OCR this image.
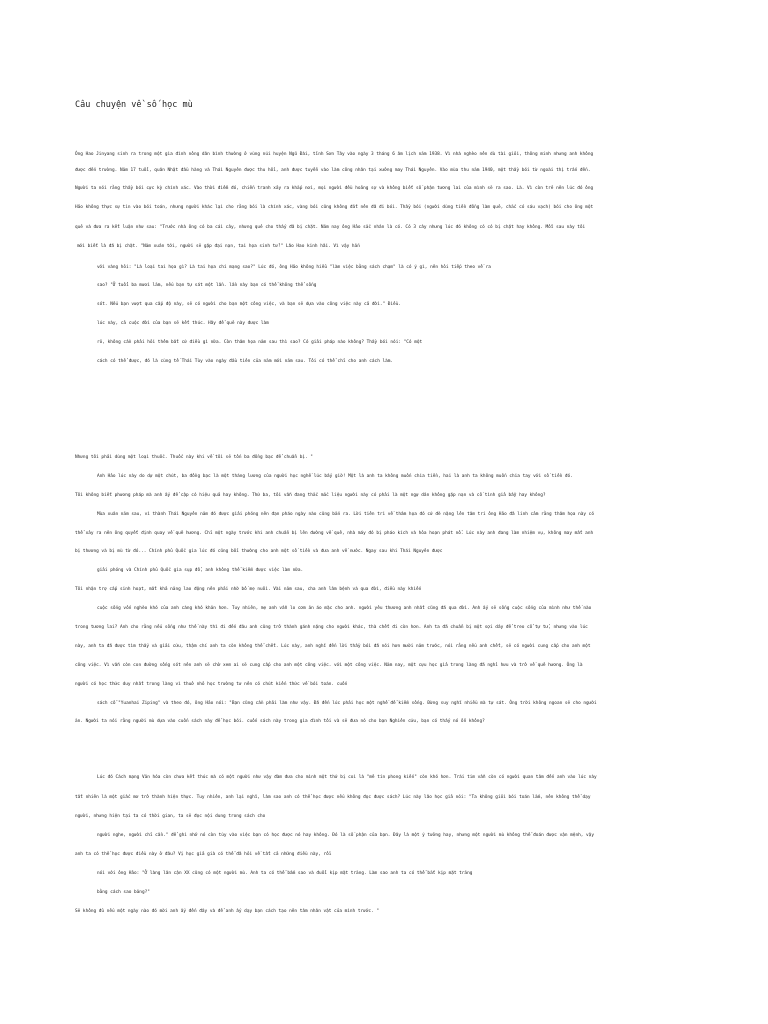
Câu chuyện về số học mù
Ông Hao Jinyang sinh ra trong một gia đình nông dân bình thường ở vùng núi huyện Ngũ Đài, tỉnh Sơn Tây vào ngày 3 tháng 6 âm lịch năm 1938. Vì nhà nghèo nên dù tài giỏi, thông minh nhưng anh không
được đến trường. Năm 17 tuổi, quân Nhật đầu hàng và Thái Nguyên được thu hồi, anh được tuyển vào làm công nhân tại xưởng may Thái Nguyên. Vào mùa thu năm 1940, một thầy bói từ ngoài thị trấn đến.
Người ta nói rằng thầy bói cực kỳ chính xác. Vào thời điểm đó, chiến tranh xảy ra khắp nơi, mọi người đều hoảng sợ và không biết số phận tương lai của mình sẽ ra sao. Là. Vì còn trẻ nên lúc đó ông
Hảo không thực sự tin vào bói toán, nhưng người khác lại cho rằng bói là chính xác, vàng bói cũng không đắt nên đã đi bói. Thầy bói (người dùng tiền đồng làm quẻ, chắc có sáu vạch) bói cho ông một
quẻ và đưa ra kết luận như sau: "Trước nhà ông có ba cái cây, nhưng quẻ cho thấy đã bị chặt. Năm nay ông Hảo sắc nhân là có. Có 3 cây nhưng lúc đó không có có bị chặt hay không. Mỗi sau này tôi
mới biết là đã bị chặt. "Năm xuân tới, người sẽ gặp đại nạn, tai họa sinh tử!" Lão Hao kinh hãi. Vì vậy hắn
với vàng hỏi: "Là loại tai họa gì? Là tai họa chí mạng sao?" Lúc đó, ông Hảo không hiểu "làm việc bằng sách chạm" là có ý gì, nên hỏi tiếp theo về ra
sao? "Ở tuổi ba mươi lăm, nếu bạn tự sát một lần. lần này bạn có thể không thể sống
sót. Nếu bạn vượt qua cấp độ này, sẽ có người cho bạn một công việc, và bạn sẽ dựa vào công việc này cả đời." Điều.
lúc này, cả cuộc đời của bạn sẽ kết thúc. Hãy để quẻ này được làm
rõ, không cần phải hỏi thêm bất cứ điều gì nữa. Còn thâm họa năm sau thì sao? Có giải pháp nào không? Thầy bói nói: "Có một
cách có thể được, đó là cùng tế Thái Tùy vào ngày đầu tiên của năm mới năm sau. Tôi có thể chỉ cho anh cách làm.
Nhưng tôi phải dùng một loại thuốc. Thuốc này khi về tôi sẽ tốn ba đồng bạc để chuẩn bị. "
Anh Hảo lúc này do dự một chút, ba đồng bạc là một tháng lương của người học nghề lúc bấy giờ! Một là anh ta không muốn chia tiền, hai là anh ta không muốn chia tay với số tiền đó.
Tôi không biết phương pháp mà anh ấy để cập có hiệu quả hay không. Thứ ba, tôi vẫn đang thắc mắc liệu người này có phải là một ngự dân không gặp nạn và cố tình giả bẫy hay không?
Mùa xuân năm sau, vì thành Thái Nguyên năm đó được giải phóng nên đạn pháo ngày nào cũng bắn ra. Lời tiên tri về thâm họa đó cứ đè nặng lên tâm trí ông Hảo đã linh cảm rằng thâm họa này có
thể xảy ra nên ông quyết định quay về quê hương. Chỉ một ngày trước khi anh chuẩn bị lên đường về quê, nhà máy đó bị pháo kích và hỏa hoạn phát nổ. Lúc này anh đang làm nhiệm vụ, không may mất anh
bị thương và bị mù từ đó... Chính phủ Quốc gia lúc đó cũng bối thường cho anh một số tiền và đưa anh về nước. Ngay sau khi Thái Nguyên được
giải phóng và Chính phủ Quốc gia sụp đổ, anh không thể kiếm được việc làm nữa.
Tôi nhận trợ cấp sinh hoạt, mất khả năng lao động nên phải nhờ bố mẹ nuôi. Vài năm sau, cha anh lâm bệnh và qua đời, điều này khiến
cuộc sống vốn nghèo khó của anh càng khó khăn hơn. Tuy nhiên, mẹ anh vẫn lo cơm ăn áo mặc cho anh. người yêu thương anh nhất cũng đã qua đời. Anh ấy sẽ sống cuộc sống của mình như thế nào
trong tương lai? Anh cho rằng nếu sống như thế này thì đi đến đâu anh cũng trở thành gánh nặng cho người khác, thà chết đi còn hơn. Anh ta đã chuẩn bị một sợi dây để treo cổ tự tử, nhưng vào lúc
này, anh ta đã được tìm thấy và giải cứu, thậm chí anh ta còn không thể chết. Lúc này, anh nghĩ đến lời thầy bói đã nói hơn mười năm trước, nói rằng nếu anh chết, sẽ có người cung cấp cho anh một
công việc. Vì vẫn còn con đường sống sót nên anh sẽ chờ xem ai sẽ cung cấp cho anh một công việc. với một công việc. Năm nay, một cựu học giả trong làng đã nghỉ hưu và trở về quê hương. Ông là
người có học thức duy nhất trong làng vì thuở nhỏ học trường tư nên có chút kiến thức về bói toán. cuốn
sách cổ "Yuanhai Ziping" và theo đó, ông Hảo nói: "Bạn cũng cần phải làm như vậy. Đã đến lúc phải học một nghề để kiếm sống. Đừng suy nghĩ nhiều mà tự sát. Ông trời không ngoan sẽ cho người
ăn. Người ta nói rằng người mù dựa vào cuốn sách này để học bói. cuốn sách này trong gia đình tôi và sẽ đưa nó cho bạn Nghiên cứu, bạn có thấy nó ổn không?
Lúc đó Cách mạng Văn hóa còn chưa kết thúc mà có một người như vậy đàm đưa cho mình một thứ bị coi là "mê tín phong kiến" còn khó hơn. Trái tim vẫn còn có người quan tâm đến anh vào lúc này
tất nhiên là một giấc mơ trở thành hiện thực. Tuy nhiên, anh lại nghĩ, làm sao anh có thể học được nếu không đọc được sách? Lúc này lão học giả nói: "Ta không giỏi bói toán lắm, nên không thể dạy
người, nhưng hiện tại ta có thời gian, ta sẽ đọc nội dung trong sách cho
người nghe, người chỉ cần." để ghi nhớ nó còn tùy vào việc bạn có học được nó hay không. Đó là số phận của bạn. Đây là một ý tưởng hay, nhưng một người mù không thể đoán được vận mệnh, vậy
anh ta có thể học được điều này ở đâu? Vị học giả già có thể đã hỏi về tất cả những điều này, rồi
nói với ông Hảo: "Ở làng lân cận XX cũng có một người mù. Anh ta có thể bấm sao và đuổi kịp mặt trăng. Làm sao anh ta có thể bắt kịp mặt trăng
bằng cách sao băng?"
Sẽ không đủ nếu một ngày nào đó mời anh ấy đến đây và để anh ấy dạy bạn cách tạo nên tâm nhân vật của mình trước. "
